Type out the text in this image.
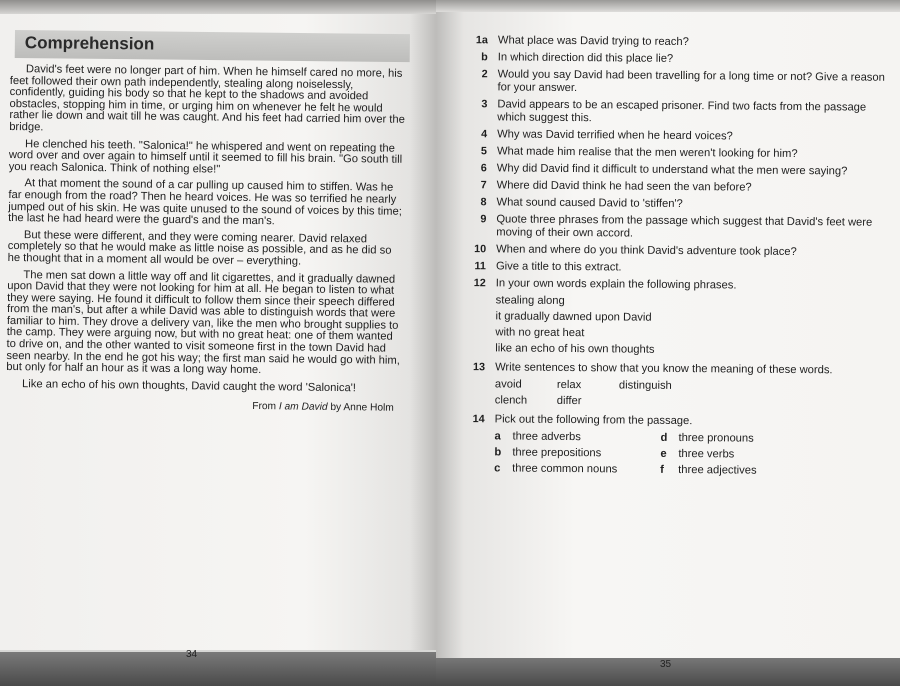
Comprehension

David's feet were no longer part of him. When he himself cared no more, his feet followed their own path independently, stealing along noiselessly, confidently, guiding his body so that he kept to the shadows and avoided obstacles, stopping him in time, or urging him on whenever he felt he would rather lie down and wait till he was caught. And his feet had carried him over the bridge.

He clenched his teeth. "Salonica!" he whispered and went on repeating the word over and over again to himself until it seemed to fill his brain. "Go south till you reach Salonica. Think of nothing else!"

At that moment the sound of a car pulling up caused him to stiffen. Was he far enough from the road? Then he heard voices. He was so terrified he nearly jumped out of his skin. He was quite unused to the sound of voices by this time; the last he had heard were the guard's and the man's.

But these were different, and they were coming nearer. David relaxed completely so that he would make as little noise as possible, and as he did so he thought that in a moment all would be over – everything.

The men sat down a little way off and lit cigarettes, and it gradually dawned upon David that they were not looking for him at all. He began to listen to what they were saying. He found it difficult to follow them since their speech differed from the man's, but after a while David was able to distinguish words that were familiar to him. They drove a delivery van, like the men who brought supplies to the camp. They were arguing now, but with no great heat: one of them wanted to drive on, and the other wanted to visit someone first in the town David had seen nearby. In the end he got his way; the first man said he would go with him, but only for half an hour as it was a long way home.

Like an echo of his own thoughts, David caught the word 'Salonica'!

From I am David by Anne Holm
34
1a What place was David trying to reach?
b In which direction did this place lie?
2 Would you say David had been travelling for a long time or not? Give a reason for your answer.
3 David appears to be an escaped prisoner. Find two facts from the passage which suggest this.
4 Why was David terrified when he heard voices?
5 What made him realise that the men weren't looking for him?
6 Why did David find it difficult to understand what the men were saying?
7 Where did David think he had seen the van before?
8 What sound caused David to 'stiffen'?
9 Quote three phrases from the passage which suggest that David's feet were moving of their own accord.
10 When and where do you think David's adventure took place?
11 Give a title to this extract.
12 In your own words explain the following phrases.
stealing along
it gradually dawned upon David
with no great heat
like an echo of his own thoughts
13 Write sentences to show that you know the meaning of these words.
avoid	relax	distinguish
clench	differ
14 Pick out the following from the passage.
a	three adverbs	d three pronouns
b three prepositions	e	three verbs
c	three common nouns	f	three adjectives
35
